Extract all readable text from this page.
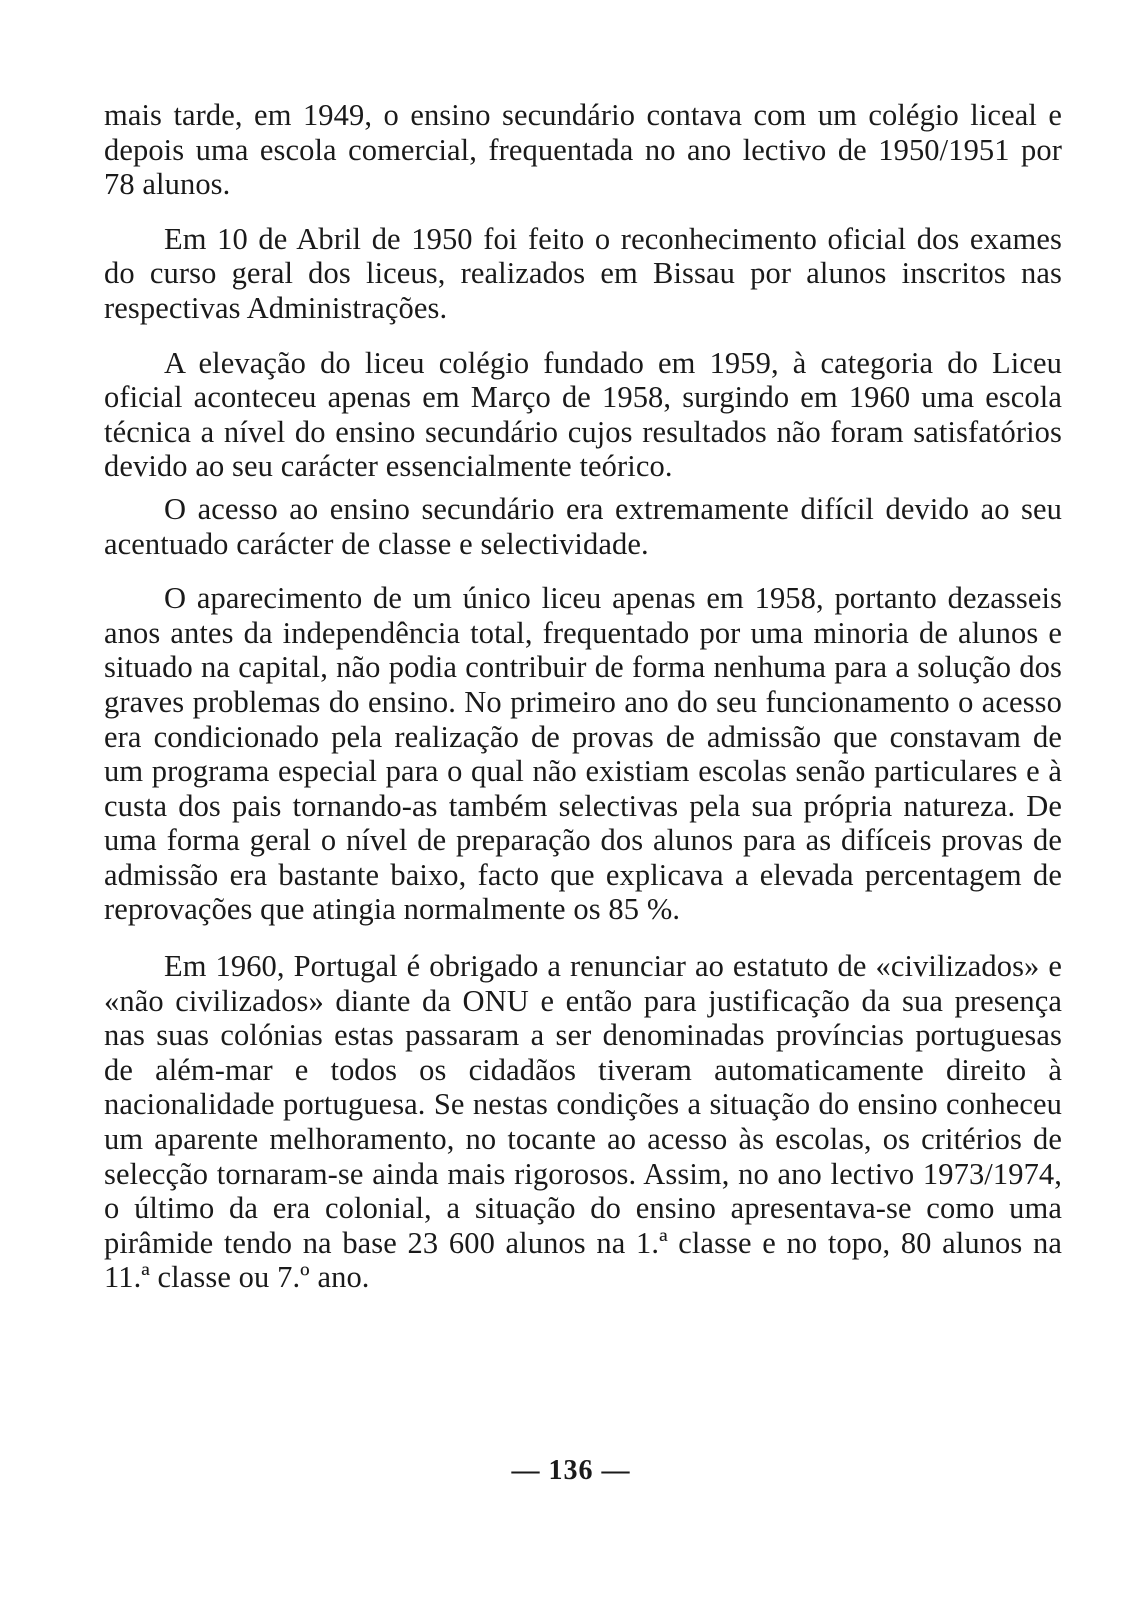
mais tarde, em 1949, o ensino secundário contava com um colégio liceal e depois uma escola comercial, frequentada no ano lectivo de 1950/1951 por 78 alunos.

Em 10 de Abril de 1950 foi feito o reconhecimento oficial dos exames do curso geral dos liceus, realizados em Bissau por alunos inscritos nas respectivas Administrações.

A elevação do liceu colégio fundado em 1959, à categoria do Liceu oficial aconteceu apenas em Março de 1958, surgindo em 1960 uma escola técnica a nível do ensino secundário cujos resultados não foram satisfatórios devido ao seu carácter essencialmente teórico.

O acesso ao ensino secundário era extremamente difícil devido ao seu acentuado carácter de classe e selectividade.

O aparecimento de um único liceu apenas em 1958, portanto dezasseis anos antes da independência total, frequentado por uma minoria de alunos e situado na capital, não podia contribuir de forma nenhuma para a solução dos graves problemas do ensino. No primeiro ano do seu funcionamento o acesso era condicionado pela realização de provas de admissão que constavam de um programa especial para o qual não existiam escolas senão particulares e à custa dos pais tornando-as também selectivas pela sua própria natureza. De uma forma geral o nível de preparação dos alunos para as difíceis provas de admissão era bastante baixo, facto que explicava a elevada percentagem de reprovações que atingia normalmente os 85 %.

Em 1960, Portugal é obrigado a renunciar ao estatuto de «civilizados» e «não civilizados» diante da ONU e então para justificação da sua presença nas suas colónias estas passaram a ser denominadas províncias portuguesas de além-mar e todos os cidadãos tiveram automaticamente direito à nacionalidade portuguesa. Se nestas condições a situação do ensino conheceu um aparente melhoramento, no tocante ao acesso às escolas, os critérios de selecção tornaram-se ainda mais rigorosos. Assim, no ano lectivo 1973/1974, o último da era colonial, a situação do ensino apresentava-se como uma pirâmide tendo na base 23 600 alunos na 1.ª classe e no topo, 80 alunos na 11.ª classe ou 7.º ano.

— 136 —
